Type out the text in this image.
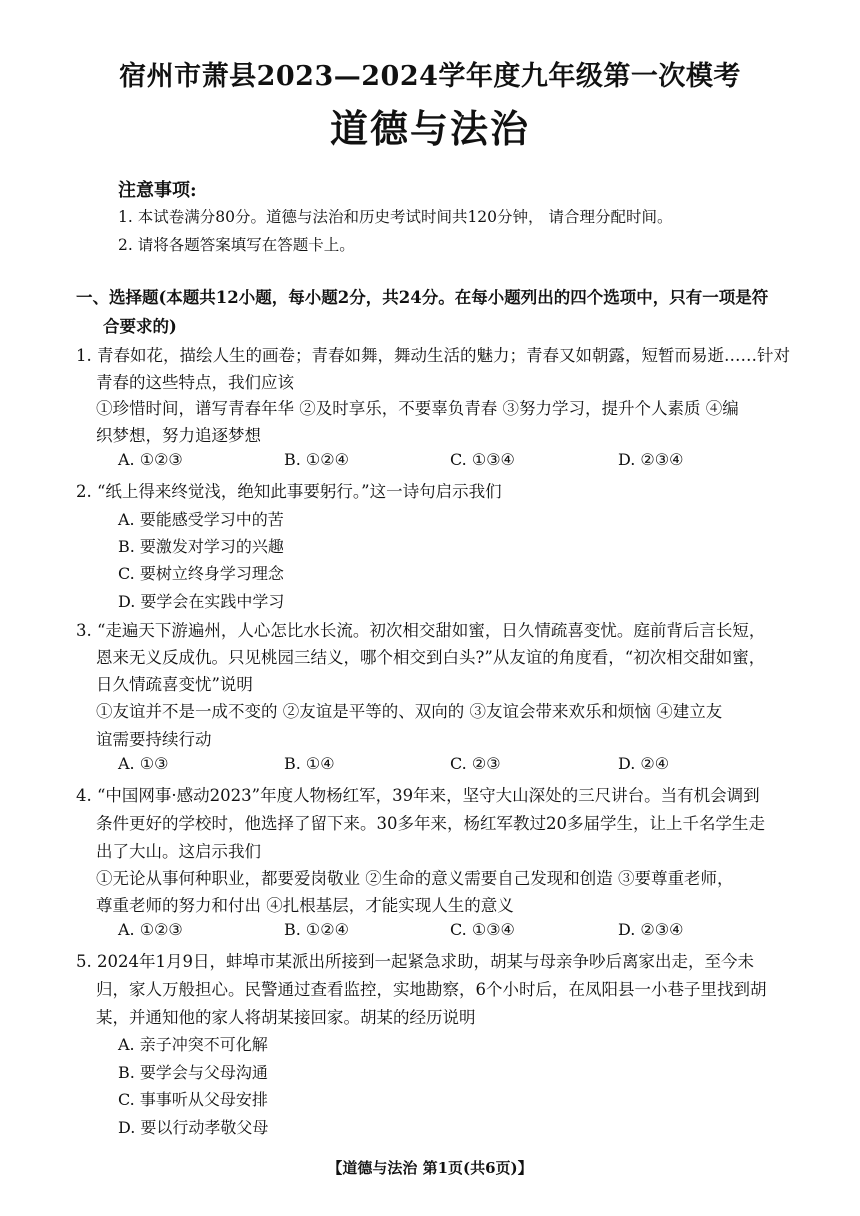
宿州市萧县2023—2024学年度九年级第一次模考
道德与法治
注意事项:
1. 本试卷满分80分。道德与法治和历史考试时间共120分钟， 请合理分配时间。
2. 请将各题答案填写在答题卡上。
一、选择题(本题共12小题，每小题2分，共24分。在每小题列出的四个选项中，只有一项是符
合要求的)
1. 青春如花，描绘人生的画卷；青春如舞，舞动生活的魅力；青春又如朝露，短暂而易逝……针对
青春的这些特点，我们应该
①珍惜时间，谱写青春年华 ②及时享乐，不要辜负青春 ③努力学习，提升个人素质 ④编
织梦想，努力追逐梦想
A. ①②③	B. ①②④	C. ①③④	D. ②③④
2. “纸上得来终觉浅，绝知此事要躬行。”这一诗句启示我们
A. 要能感受学习中的苦
B. 要激发对学习的兴趣
C. 要树立终身学习理念
D. 要学会在实践中学习
3. “走遍天下游遍州，人心怎比水长流。初次相交甜如蜜，日久情疏喜变忧。庭前背后言长短，
恩来无义反成仇。只见桃园三结义，哪个相交到白头?”从友谊的角度看，“初次相交甜如蜜，
日久情疏喜变忧”说明
①友谊并不是一成不变的 ②友谊是平等的、双向的 ③友谊会带来欢乐和烦恼 ④建立友
谊需要持续行动
A. ①③	B. ①④	C. ②③	D. ②④
4. “中国网事·感动2023”年度人物杨红军，39年来，坚守大山深处的三尺讲台。当有机会调到
条件更好的学校时，他选择了留下来。30多年来，杨红军教过20多届学生，让上千名学生走
出了大山。这启示我们
①无论从事何种职业，都要爱岗敬业 ②生命的意义需要自己发现和创造 ③要尊重老师，
尊重老师的努力和付出 ④扎根基层，才能实现人生的意义
A. ①②③	B. ①②④	C. ①③④	D. ②③④
5. 2024年1月9日，蚌埠市某派出所接到一起紧急求助，胡某与母亲争吵后离家出走，至今未
归，家人万般担心。民警通过查看监控，实地勘察，6个小时后，在凤阳县一小巷子里找到胡
某，并通知他的家人将胡某接回家。胡某的经历说明
A. 亲子冲突不可化解
B. 要学会与父母沟通
C. 事事听从父母安排
D. 要以行动孝敬父母
【道德与法治 第1页(共6页)】
